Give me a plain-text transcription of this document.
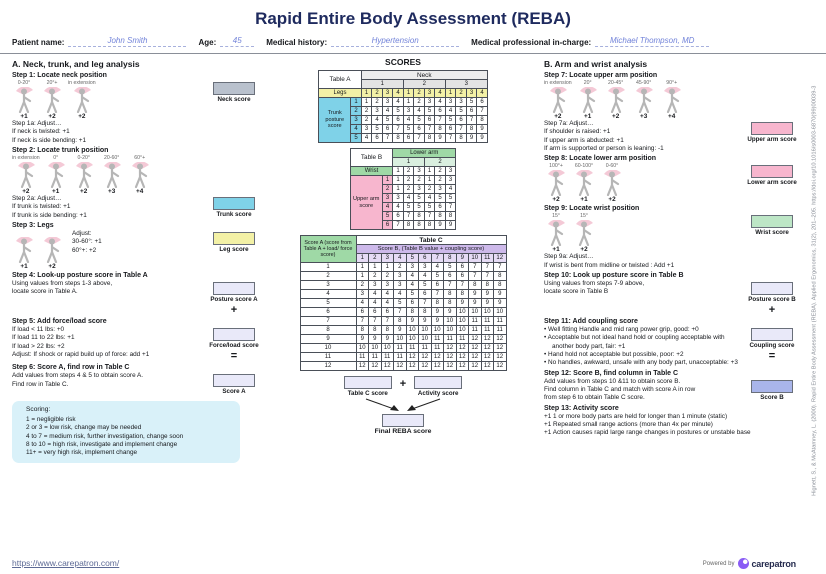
Rapid Entire Body Assessment (REBA)
Patient name:	John Smith	Age:	45	Medical history:	Hypertension	Medical professional in-charge:	Michael Thompson, MD
A. Neck, trunk, and leg analysis
Step 1: Locate neck position
0-20°
+1
20°+
+2
in extension
+2
Neck score
Step 1a: Adjust…
If neck is twisted: +1
If neck is side bending: +1
Step 2: Locate trunk position
in extension
+2
0°
+1
0-20°
+2
20-60°
+3
60°+
+4
Step 2a: Adjust…
If trunk is twisted: +1
If trunk is side bending: +1	Trunk score
Step 3: Legs
+1	+2
Adjust:
30-60°: +1
60°+: +2	Leg score
Step 4: Look-up posture score in Table A
Using values from steps 1-3 above,
locate score in Table A.
Posture score A
+
Step 5: Add force/load score
If load < 11 lbs: +0
If load 11 to 22 lbs: +1
If load > 22 lbs: +2
Adjust: If shock or rapid build up of force: add +1
Force/load score
=
Step 6: Score A, find row in Table C
Add values from steps 4 & 5 to obtain score A.
Find row in Table C.
Score A
Scoring:
1 = negligible risk
2 or 3 = low risk, change may be needed
4 to 7 = medium risk, further investigation, change soon
8 to 10 = high risk, investigate and implement change
11+ = very high risk, implement change
SCORES
Table A		Neck											
		1				2				3			
Legs		1	2	3	4	1	2	3	4	1	2	3	4
Trunk posture score	1	1	2	3	4	1	2	3	4	3	3	5	6
	2	2	3	4	5	3	4	5	6	4	5	6	7
	3	2	4	5	6	4	5	6	7	5	6	7	8
	4	3	5	6	7	5	6	7	8	6	7	8	9
	5	4	6	7	8	6	7	8	9	7	8	9	9
Table B		Lower arm					
		1			2		
Wrist		1	2	3	1	2	3
Upper arm score	1	1	2	2	1	2	3
	2	1	2	3	2	3	4
	3	3	4	5	4	5	5
	4	4	5	5	5	6	7
	5	6	7	8	7	8	8
	6	7	8	8	8	9	9
Score A (score from Table A + load/ force score)	Table C											
	Score B, (Table B value + coupling score)											
	1	2	3	4	5	6	7	8	9	10	11	12
1	1	1	1	2	3	3	4	5	6	7	7	7
2	1	2	2	3	4	4	5	6	6	7	7	8
3	2	3	3	3	4	5	6	7	7	8	8	8
4	3	4	4	4	5	6	7	8	8	9	9	9
5	4	4	4	5	6	7	8	8	9	9	9	9
6	6	6	6	7	8	8	9	9	10	10	10	10
7	7	7	7	8	9	9	9	10	10	11	11	11
8	8	8	8	9	10	10	10	10	10	11	11	11
9	9	9	9	10	10	10	11	11	11	12	12	12
10	10	10	10	11	11	11	11	12	12	12	12	12
11	11	11	11	11	12	12	12	12	12	12	12	12
12	12	12	12	12	12	12	12	12	12	12	12	12
Table C score
+
Activity score
Final REBA score
B. Arm and wrist analysis
Step 7: Locate upper arm position
in extension
+2
20°
+1
20-45°
+2
45-90°
+3
90°+
+4
Step 7a: Adjust…
If shoulder is raised: +1
If upper arm is abducted: +1
If arm is supported or person is leaning: -1
Upper arm score
Step 8: Locate lower arm position
100°+
+2
60-100°
+1
0-60°
+2
Lower arm score
Step 9: Locate wrist position
15°
+1
15°
+2
Wrist score
Step 9a: Adjust…
If wrist is bent from midline or twisted : Add +1
Step 10: Look up posture score in Table B
Using values from steps 7-9 above,
locate score in Table B
Posture score B
+
Step 11: Add coupling score
• Well fitting Handle and mid rang power grip, good: +0
• Acceptable but not ideal hand hold or coupling acceptable with another body part, fair: +1
• Hand hold not acceptable but possible, poor: +2
• No handles, awkward, unsafe with any body part, unacceptable: +3
Coupling score
=
Step 12: Score B, find column in Table C
Add values from steps 10 &11 to obtain score B.
Find column in Table C and match with score A in row
from step 6 to obtain Table C score.	Score B
Step 13: Activity score
+1 1 or more body parts are held for longer than 1 minute (static)
+1 Repeated small range actions (more than 4x per minute)
+1 Action causes rapid large range changes in postures or unstable base	Hignett, S., & McAtamney, L. (2000). Rapid Entire Body Assessment (REBA). Applied Ergonomics, 31(2), 201–205. https://doi.org/10.1016/s0003-6870(99)00039-3
https://www.carepatron.com/	Powered by carepatron
